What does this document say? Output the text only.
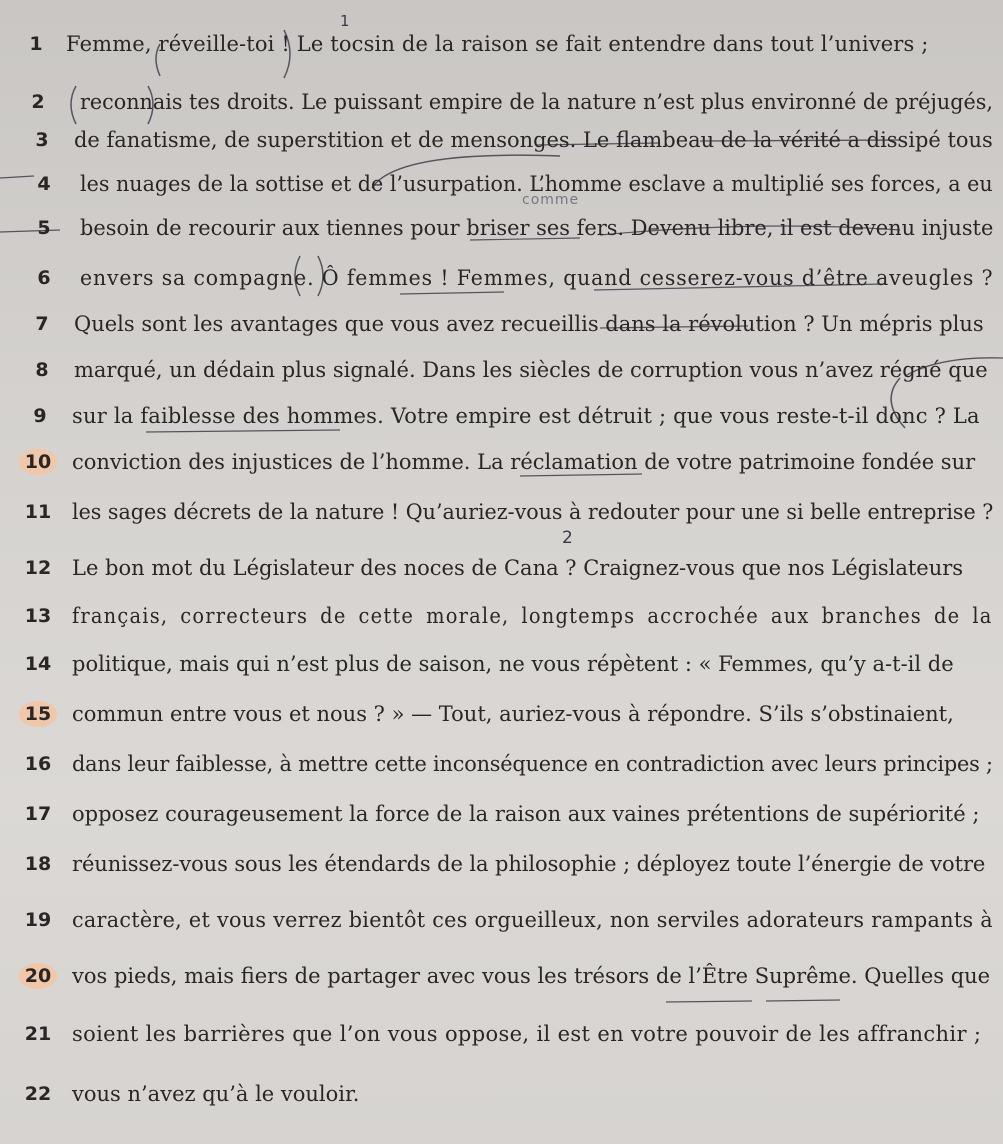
1
2
comme
1	Femme, réveille-toi ! Le tocsin de la raison se fait entendre dans tout l’univers ;
2	reconnais tes droits. Le puissant empire de la nature n’est plus environné de préjugés,
3	de fanatisme, de superstition et de mensonges. Le flambeau de la vérité a dissipé tous
4	les nuages de la sottise et de l’usurpation. L’homme esclave a multiplié ses forces, a eu
5	besoin de recourir aux tiennes pour briser ses fers. Devenu libre, il est devenu injuste
6	envers sa compagne. Ô femmes ! Femmes, quand cesserez-vous d’être aveugles ?
7	Quels sont les avantages que vous avez recueillis dans la révolution ? Un mépris plus
8	marqué, un dédain plus signalé. Dans les siècles de corruption vous n’avez régné que
9	sur la faiblesse des hommes. Votre empire est détruit ; que vous reste-t-il donc ? La
10 conviction des injustices de l’homme. La réclamation de votre patrimoine fondée sur
11 les sages décrets de la nature ! Qu’auriez-vous à redouter pour une si belle entreprise ?
12 Le bon mot du Législateur des noces de Cana ? Craignez-vous que nos Législateurs
13 français, correcteurs de cette morale, longtemps accrochée aux branches de la
14 politique, mais qui n’est plus de saison, ne vous répètent : « Femmes, qu’y a-t-il de
15 commun entre vous et nous ? » — Tout, auriez-vous à répondre. S’ils s’obstinaient,
16 dans leur faiblesse, à mettre cette inconséquence en contradiction avec leurs principes ;
17 opposez courageusement la force de la raison aux vaines prétentions de supériorité ;
18 réunissez-vous sous les étendards de la philosophie ; déployez toute l’énergie de votre
19 caractère, et vous verrez bientôt ces orgueilleux, non serviles adorateurs rampants à
20 vos pieds, mais fiers de partager avec vous les trésors de l’Être Suprême. Quelles que
21 soient les barrières que l’on vous oppose, il est en votre pouvoir de les affranchir ;
22 vous n’avez qu’à le vouloir.
